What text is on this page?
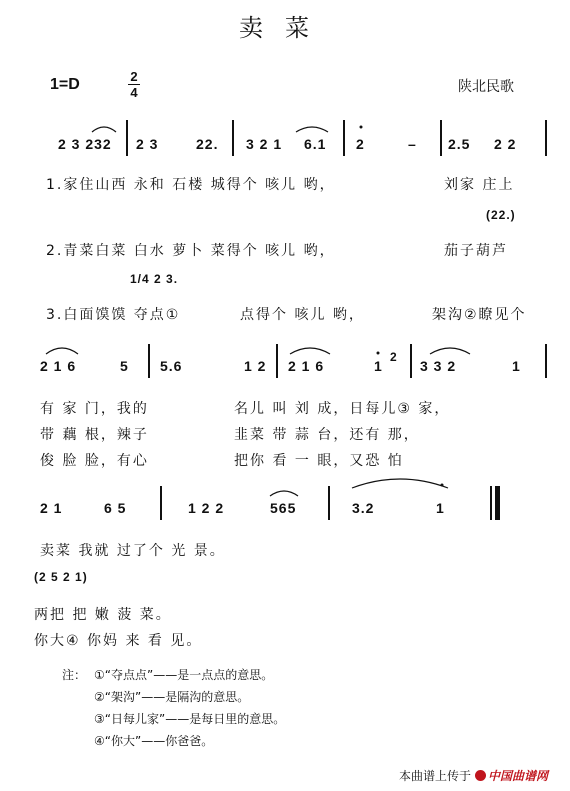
卖菜
1=D	2
4	陕北民歌
2 3 232 2 3	22. 3 2 1 6.1 2	– 2.5 2 2
1.家住山西 永和 石楼 城得个 咳儿 哟，	刘家 庄上
(22.)
2.青菜白菜 白水 萝卜 菜得个 咳儿 哟，	茄子葫芦
1/4 2 3.
3.白面馍馍 夺点①	点得个 咳儿 哟，	架沟②瞭见个
2 1 6	5 5.6	1 2 2 1 6	1
2
3 3 2	1
有 家 门，我的	名儿 叫 刘 成，日每儿③ 家，
带 藕 根，辣子	韭菜 带 蒜 台，还有 那，
俊 脸 脸，有心	把你 看 一 眼，又恐 怕
2 1	6 5	1 2 2	565	3.2	1
卖菜 我就 过了个 光 景。
(2 5 2 1)
两把 把 嫩 菠 菜。
你大④ 你妈 来 看 见。
注： ①“夺点点”——是一点点的意思。
②“架沟”——是隔沟的意思。
③“日每儿家”——是每日里的意思。
④“你大”——你爸爸。
本曲谱上传于 中国曲谱网
